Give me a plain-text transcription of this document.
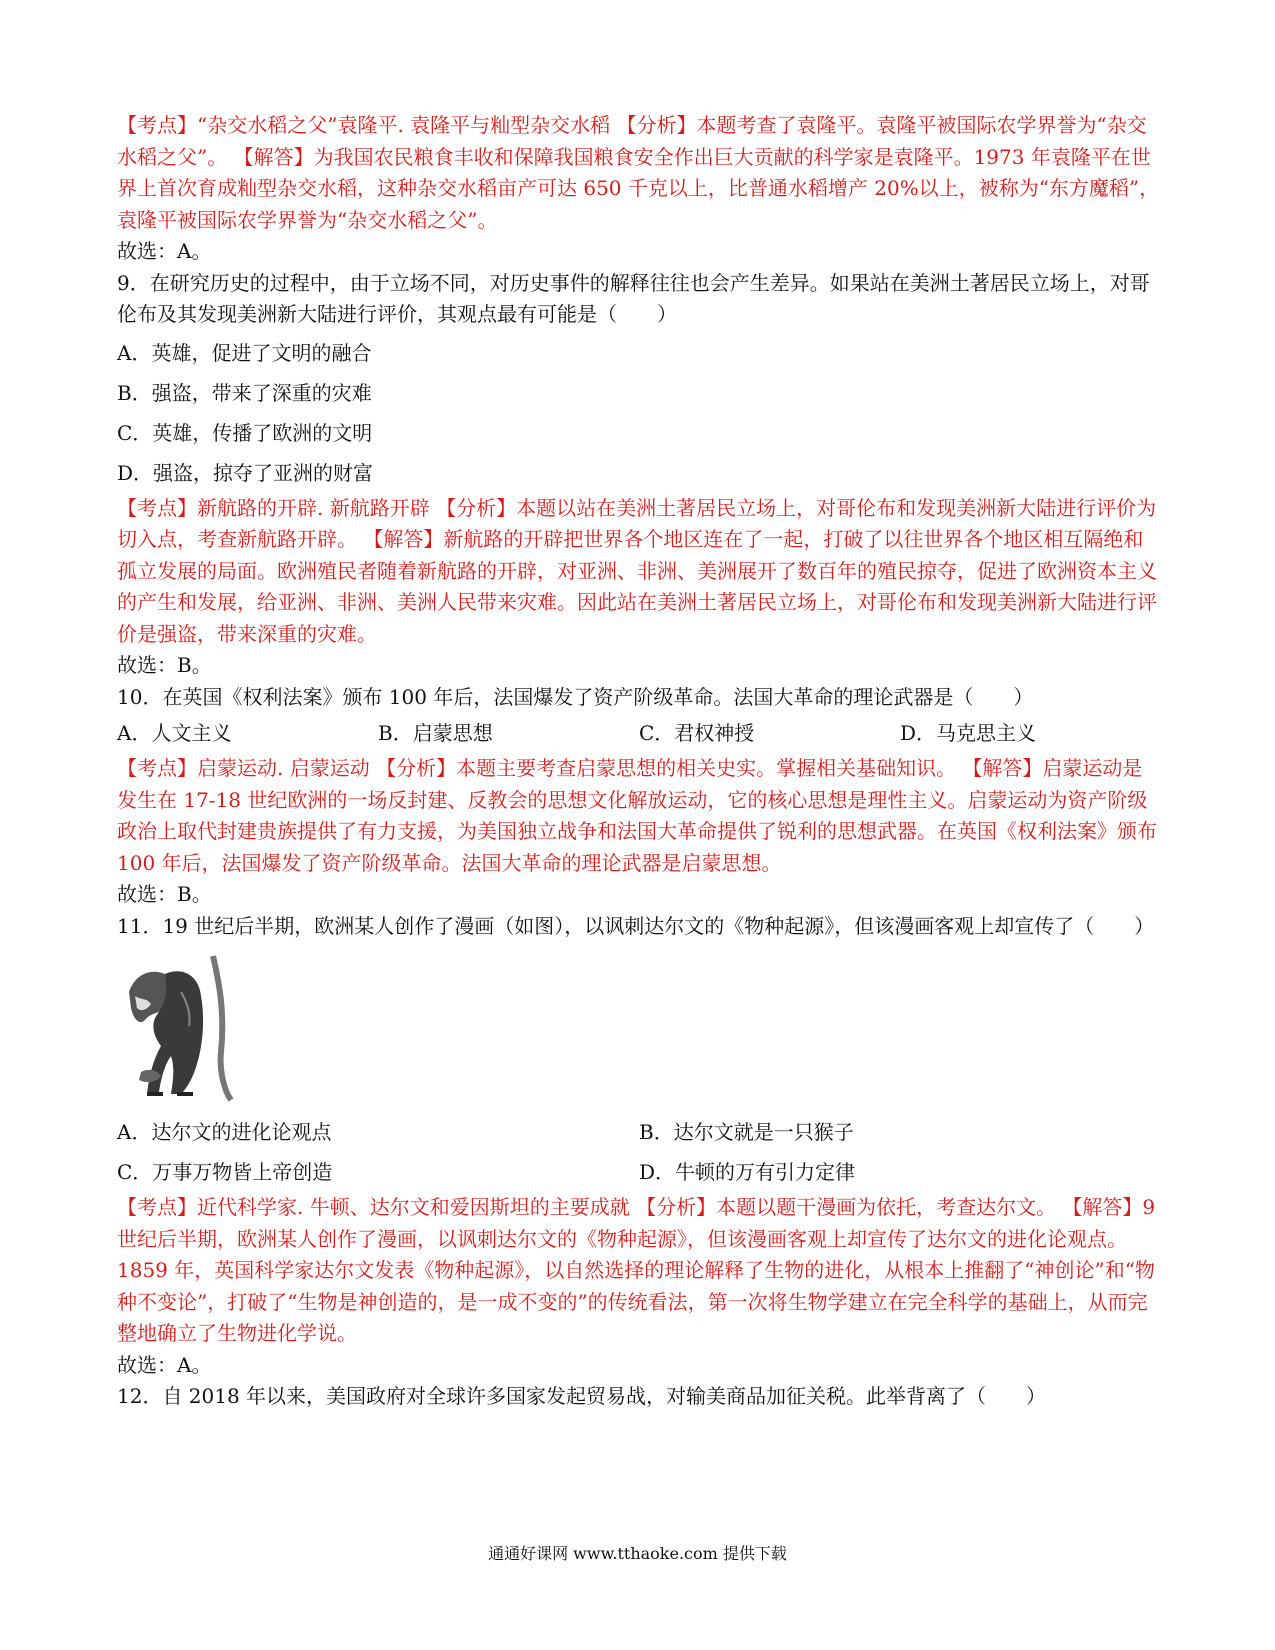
【考点】“杂交水稻之父”袁隆平. 袁隆平与籼型杂交水稻 【分析】本题考查了袁隆平。袁隆平被国际农学界誉为“杂交水稻之父”。 【解答】为我国农民粮食丰收和保障我国粮食安全作出巨大贡献的科学家是袁隆平。1973 年袁隆平在世界上首次育成籼型杂交水稻，这种杂交水稻亩产可达 650 千克以上，比普通水稻增产 20%以上，被称为“东方魔稻”，袁隆平被国际农学界誉为“杂交水稻之父”。

故选：A。

9．在研究历史的过程中，由于立场不同，对历史事件的解释往往也会产生差异。如果站在美洲土著居民立场上，对哥伦布及其发现美洲新大陆进行评价，其观点最有可能是（　　）

A．英雄，促进了文明的融合

B．强盗，带来了深重的灾难

C．英雄，传播了欧洲的文明

D．强盗，掠夺了亚洲的财富

【考点】新航路的开辟. 新航路开辟 【分析】本题以站在美洲土著居民立场上，对哥伦布和发现美洲新大陆进行评价为切入点，考查新航路开辟。 【解答】新航路的开辟把世界各个地区连在了一起，打破了以往世界各个地区相互隔绝和孤立发展的局面。欧洲殖民者随着新航路的开辟，对亚洲、非洲、美洲展开了数百年的殖民掠夺，促进了欧洲资本主义的产生和发展，给亚洲、非洲、美洲人民带来灾难。因此站在美洲土著居民立场上，对哥伦布和发现美洲新大陆进行评价是强盗，带来深重的灾难。

故选：B。

10．在英国《权利法案》颁布 100 年后，法国爆发了资产阶级革命。法国大革命的理论武器是（　　）

A．人文主义	B．启蒙思想	C．君权神授	D．马克思主义

【考点】启蒙运动. 启蒙运动 【分析】本题主要考查启蒙思想的相关史实。掌握相关基础知识。 【解答】启蒙运动是发生在 17-18 世纪欧洲的一场反封建、反教会的思想文化解放运动，它的核心思想是理性主义。启蒙运动为资产阶级政治上取代封建贵族提供了有力支援，为美国独立战争和法国大革命提供了锐利的思想武器。在英国《权利法案》颁布 100 年后，法国爆发了资产阶级革命。法国大革命的理论武器是启蒙思想。

故选：B。

11．19 世纪后半期，欧洲某人创作了漫画（如图），以讽刺达尔文的《物种起源》，但该漫画客观上却宣传了（　　）

A．达尔文的进化论观点	B．达尔文就是一只猴子
C．万事万物皆上帝创造	D．牛顿的万有引力定律

【考点】近代科学家. 牛顿、达尔文和爱因斯坦的主要成就 【分析】本题以题干漫画为依托，考查达尔文。 【解答】9 世纪后半期，欧洲某人创作了漫画，以讽刺达尔文的《物种起源》，但该漫画客观上却宣传了达尔文的进化论观点。1859 年，英国科学家达尔文发表《物种起源》，以自然选择的理论解释了生物的进化，从根本上推翻了“神创论”和“物种不变论”，打破了“生物是神创造的，是一成不变的”的传统看法，第一次将生物学建立在完全科学的基础上，从而完整地确立了生物进化学说。

故选：A。

12．自 2018 年以来，美国政府对全球许多国家发起贸易战，对输美商品加征关税。此举背离了（　　）

通通好课网 www.tthaoke.com 提供下载
